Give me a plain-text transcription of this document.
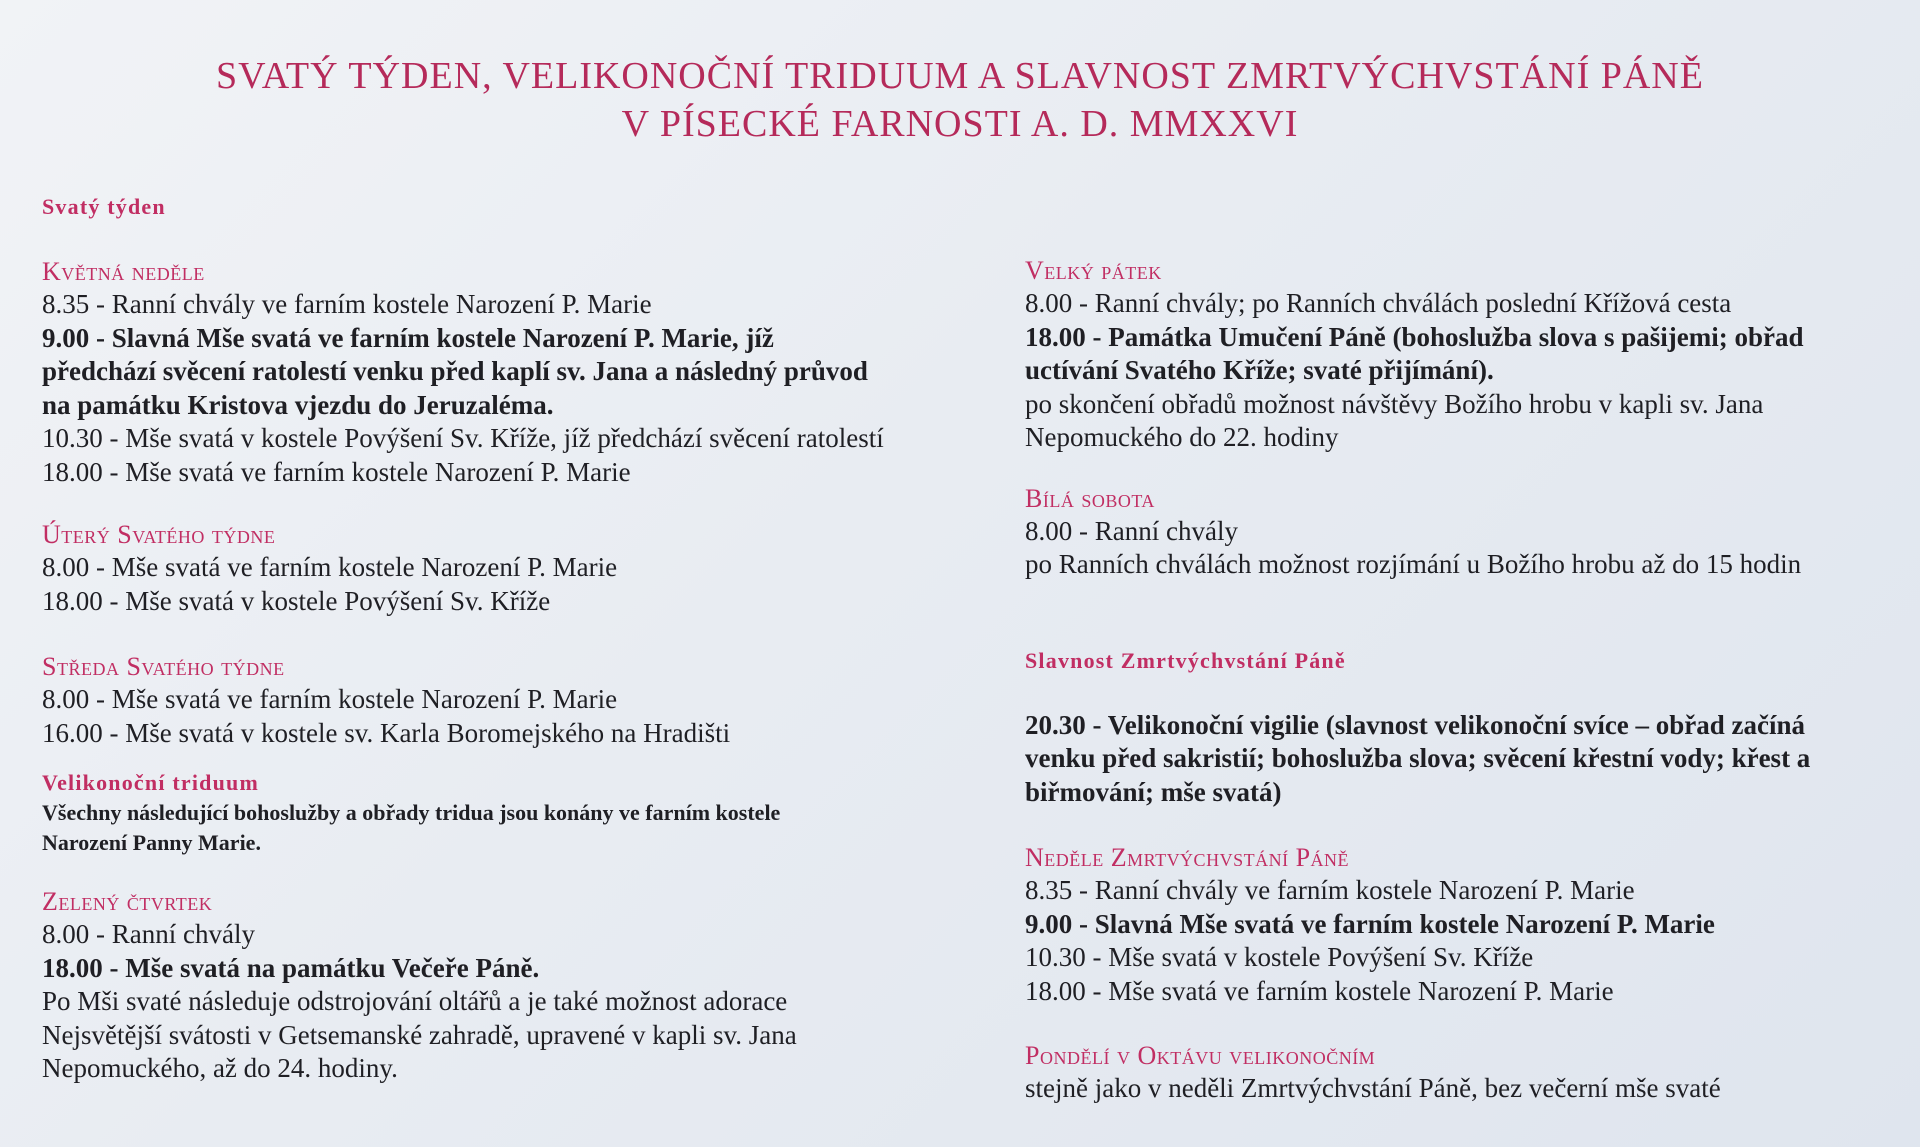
SVATÝ TÝDEN, VELIKONOČNÍ TRIDUUM A SLAVNOST ZMRTVÝCHVSTÁNÍ PÁNĚ
V PÍSECKÉ FARNOSTI A. D. MMXXVI
Svatý týden
Květná neděle
8.35 - Ranní chvály ve farním kostele Narození P. Marie
9.00 - Slavná Mše svatá ve farním kostele Narození P. Marie, jíž
předchází svěcení ratolestí venku před kaplí sv. Jana a následný průvod
na památku Kristova vjezdu do Jeruzaléma.
10.30 - Mše svatá v kostele Povýšení Sv. Kříže, jíž předchází svěcení ratolestí
18.00 - Mše svatá ve farním kostele Narození P. Marie
Úterý Svatého týdne
8.00 - Mše svatá ve farním kostele Narození P. Marie
18.00 - Mše svatá v kostele Povýšení Sv. Kříže
Středa Svatého týdne
8.00 - Mše svatá ve farním kostele Narození P. Marie
16.00 - Mše svatá v kostele sv. Karla Boromejského na Hradišti
Velikonoční triduum
Všechny následující bohoslužby a obřady tridua jsou konány ve farním kostele
Narození Panny Marie.
Zelený čtvrtek
8.00 - Ranní chvály
18.00 - Mše svatá na památku Večeře Páně.
Po Mši svaté následuje odstrojování oltářů a je také možnost adorace
Nejsvětější svátosti v Getsemanské zahradě, upravené v kapli sv. Jana
Nepomuckého, až do 24. hodiny.
Velký pátek
8.00 - Ranní chvály; po Ranních chválách poslední Křížová cesta
18.00 - Památka Umučení Páně (bohoslužba slova s pašijemi; obřad
uctívání Svatého Kříže; svaté přijímání).
po skončení obřadů možnost návštěvy Božího hrobu v kapli sv. Jana
Nepomuckého do 22. hodiny
Bílá sobota
8.00 - Ranní chvály
po Ranních chválách možnost rozjímání u Božího hrobu až do 15 hodin
Slavnost Zmrtvýchvstání Páně
20.30 - Velikonoční vigilie (slavnost velikonoční svíce – obřad začíná
venku před sakristií; bohoslužba slova; svěcení křestní vody; křest a
biřmování; mše svatá)
Neděle Zmrtvýchvstání Páně
8.35 - Ranní chvály ve farním kostele Narození P. Marie
9.00 - Slavná Mše svatá ve farním kostele Narození P. Marie
10.30 - Mše svatá v kostele Povýšení Sv. Kříže
18.00 - Mše svatá ve farním kostele Narození P. Marie
Pondělí v Oktávu velikonočním
stejně jako v neděli Zmrtvýchvstání Páně, bez večerní mše svaté
